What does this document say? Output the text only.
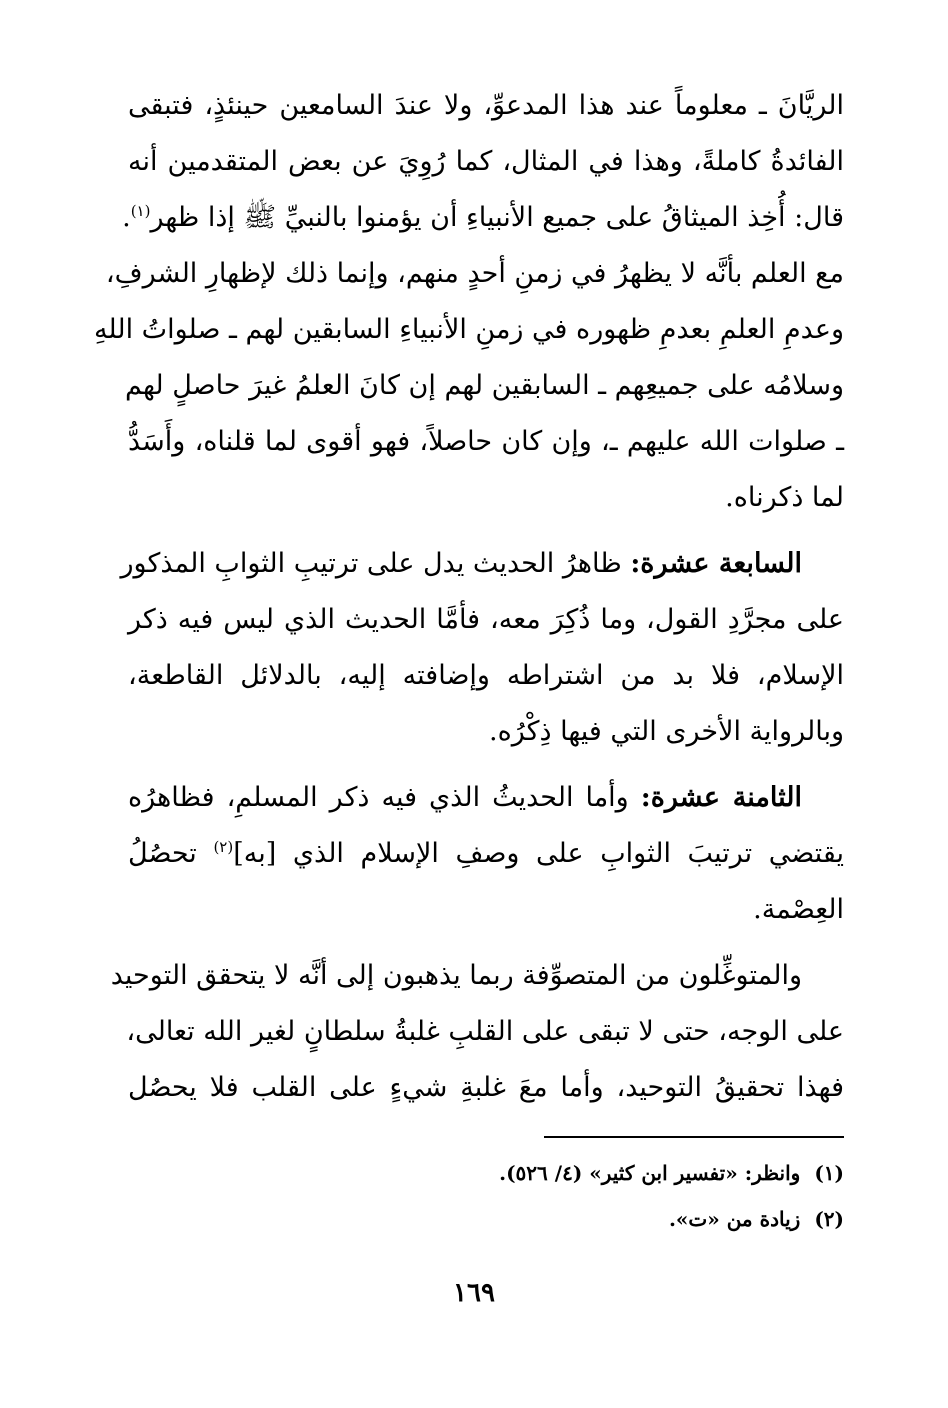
الريَّانَ ـ معلوماً عند هذا المدعوِّ، ولا عندَ السامعين حينئذٍ، فتبقى
الفائدةُ كاملةً، وهذا في المثال، كما رُوِيَ عن بعض المتقدمين أنه
قال: أُخِذ الميثاقُ على جميع الأنبياءِ أن يؤمنوا بالنبيِّ ﷺ إذا ظهر$^{(١)}$.
مع العلم بأنَّه لا يظهرُ في زمنِ أحدٍ منهم، وإنما ذلك لإظهارِ الشرفِ،
وعدمِ العلمِ بعدمِ ظهوره في زمنِ الأنبياءِ السابقين لهم ـ صلواتُ اللهِ
وسلامُه على جميعِهم ـ السابقين لهم إن كانَ العلمُ غيرَ حاصلٍ لهم
ـ صلوات الله عليهم ـ، وإن كان حاصلاً، فهو أقوى لما قلناه، وأَسَدُّ
لما ذكرناه.

السابعة عشرة: ظاهرُ الحديث يدل على ترتيبِ الثوابِ المذكور
على مجرَّدِ القول، وما ذُكِرَ معه، فأمَّا الحديث الذي ليس فيه ذكر
الإسلام، فلا بد من اشتراطه وإضافته إليه، بالدلائل القاطعة،
وبالرواية الأخرى التي فيها ذِكْرُه.

الثامنة عشرة: وأما الحديثُ الذي فيه ذكر المسلمِ، فظاهرُه
يقتضي ترتيبَ الثوابِ على وصفِ الإسلام الذي [به]$^{(٢)}$ تحصُلُ
العِصْمة.

والمتوغِّلون من المتصوِّفة ربما يذهبون إلى أنَّه لا يتحقق التوحيد
على الوجه، حتى لا تبقى على القلبِ غلبةُ سلطانٍ لغير الله تعالى،
فهذا تحقيقُ التوحيد، وأما معَ غلبةِ شيءٍ على القلب فلا يحصُل

(١)وانظر: «تفسير ابن كثير» (٤/ ٥٢٦).

(٢)زيادة من «ت».

١٦٩
